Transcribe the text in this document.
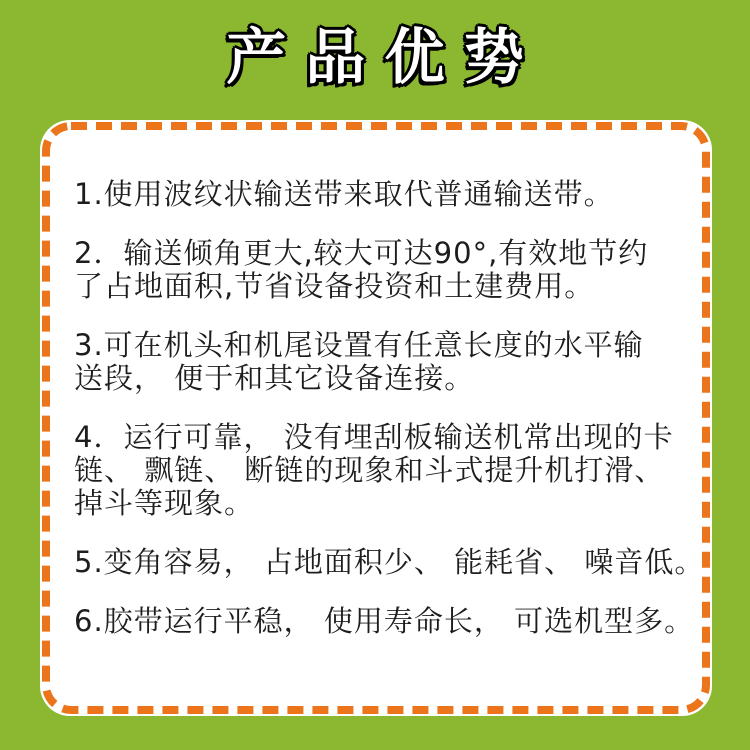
产品优势

1.使用波纹状输送带来取代普通输送带。

2．输送倾角更大,较大可达90°,有效地节约
了占地面积,节省设备投资和土建费用。

3.可在机头和机尾设置有任意长度的水平输
送段， 便于和其它设备连接。

4．运行可靠， 没有埋刮板输送机常出现的卡
链、 飘链、 断链的现象和斗式提升机打滑、
掉斗等现象。

5.变角容易， 占地面积少、 能耗省、 噪音低。

6.胶带运行平稳， 使用寿命长， 可选机型多。
